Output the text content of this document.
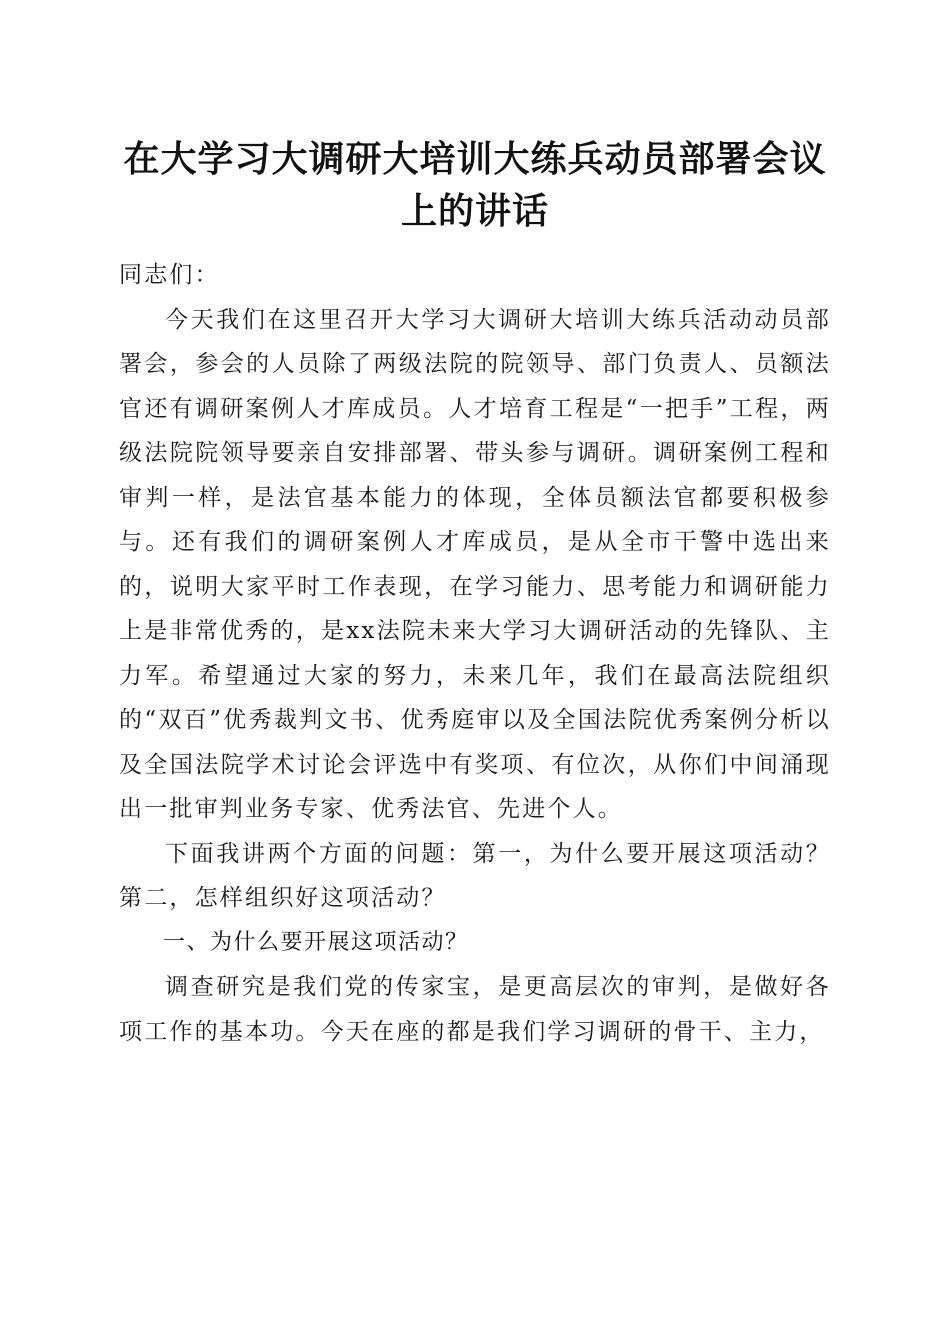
在大学习大调研大培训大练兵动员部署会议上的讲话

同志们：

今天我们在这里召开大学习大调研大培训大练兵活动动员部署会，参会的人员除了两级法院的院领导、部门负责人、员额法官还有调研案例人才库成员。人才培育工程是“一把手”工程，两级法院院领导要亲自安排部署、带头参与调研。调研案例工程和审判一样，是法官基本能力的体现，全体员额法官都要积极参与。还有我们的调研案例人才库成员，是从全市干警中选出来的，说明大家平时工作表现，在学习能力、思考能力和调研能力上是非常优秀的，是xx法院未来大学习大调研活动的先锋队、主力军。希望通过大家的努力，未来几年，我们在最高法院组织的“双百”优秀裁判文书、优秀庭审以及全国法院优秀案例分析以及全国法院学术讨论会评选中有奖项、有位次，从你们中间涌现出一批审判业务专家、优秀法官、先进个人。

下面我讲两个方面的问题：第一，为什么要开展这项活动？第二，怎样组织好这项活动？

一、为什么要开展这项活动？

调查研究是我们党的传家宝，是更高层次的审判，是做好各项工作的基本功。今天在座的都是我们学习调研的骨干、主力，
